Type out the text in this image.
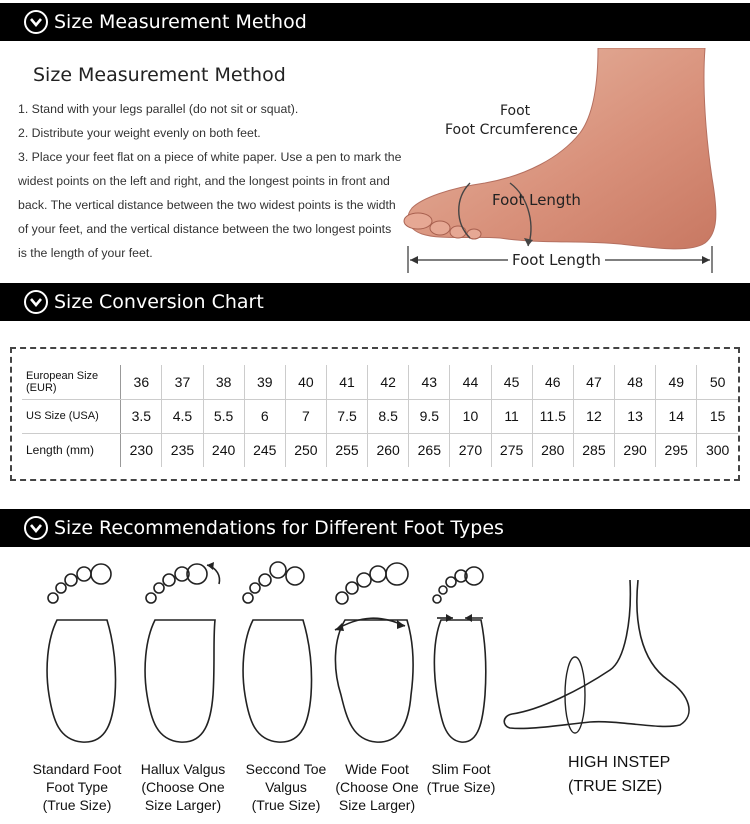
Size Measurement Method
Size Measurement Method

1. Stand with your legs parallel (do not sit or squat).

2. Distribute your weight evenly on both feet.

3. Place your feet flat on a piece of white paper. Use a pen to mark the widest points on the left and right, and the longest points in front and back. The vertical distance between the two widest points is the width of your feet, and the vertical distance between the two longest points is the length of your feet.

Foot
Foot Crcumference
Foot Length
Foot Length
Size Conversion Chart
European Size (EUR)	36	37	38	39	40	41	42	43	44	45	46	47	48	49	50
US Size (USA)	3.5	4.5	5.5	6	7	7.5	8.5	9.5	10	11	11.5	12	13	14	15
Length (mm)	230	235	240	245	250	255	260	265	270	275	280	285	290	295	300
Size Recommendations for Different Foot Types
Standard Foot
Foot Type
(True Size)
Hallux Valgus
(Choose One
Size Larger)
Seccond Toe
Valgus
(True Size)
Wide Foot
(Choose One
Size Larger)
Slim Foot
(True Size)
HIGH INSTEP
(TRUE SIZE)
